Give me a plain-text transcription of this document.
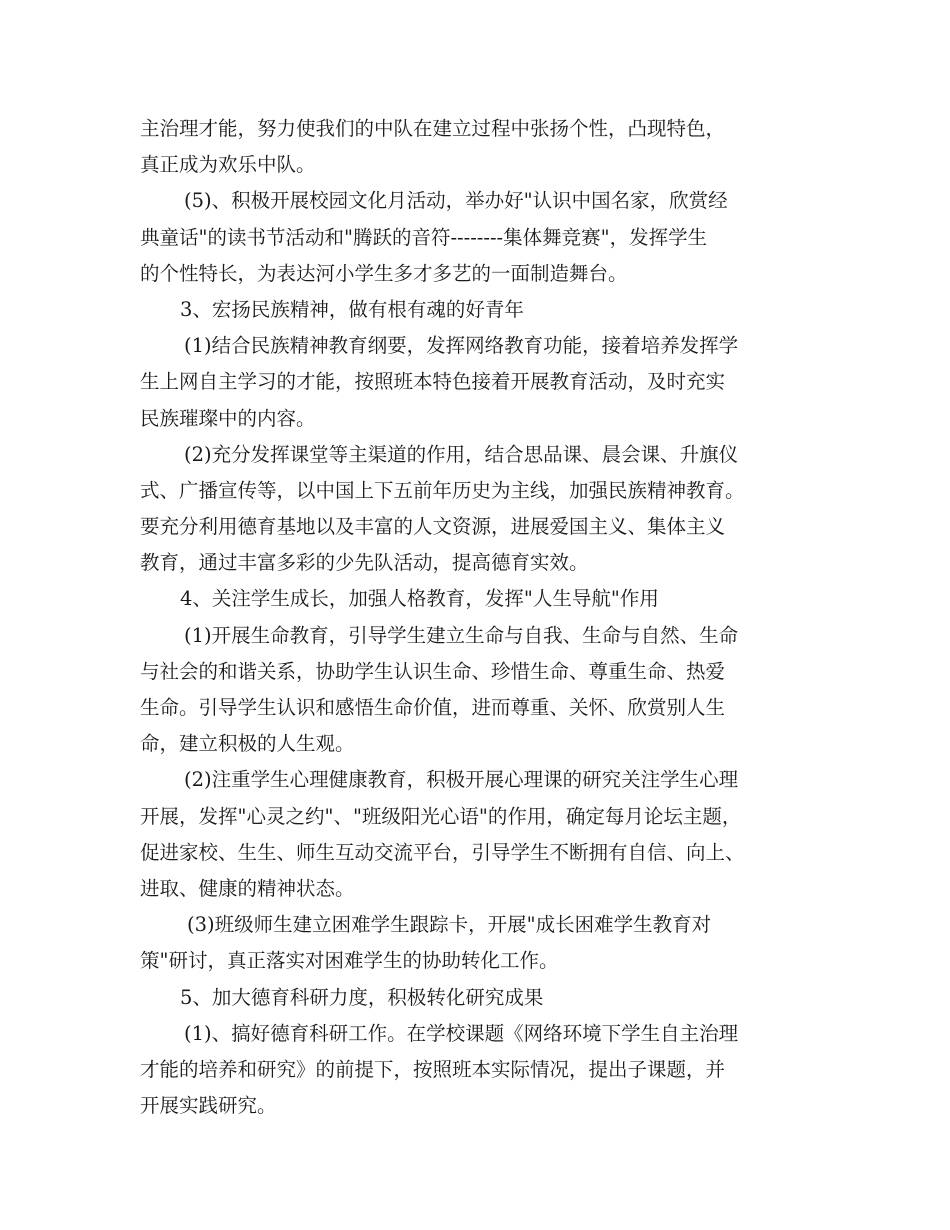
主治理才能，努力使我们的中队在建立过程中张扬个性，凸现特色，
真正成为欢乐中队。
(5)、积极开展校园文化月活动，举办好"认识中国名家，欣赏经
典童话"的读书节活动和"腾跃的音符--------集体舞竞赛"，发挥学生
的个性特长，为表达河小学生多才多艺的一面制造舞台。
3、宏扬民族精神，做有根有魂的好青年
(1)结合民族精神教育纲要，发挥网络教育功能，接着培养发挥学
生上网自主学习的才能，按照班本特色接着开展教育活动，及时充实
民族璀璨中的内容。
(2)充分发挥课堂等主渠道的作用，结合思品课、晨会课、升旗仪
式、广播宣传等，以中国上下五前年历史为主线，加强民族精神教育。
要充分利用德育基地以及丰富的人文资源，进展爱国主义、集体主义
教育，通过丰富多彩的少先队活动，提高德育实效。
4、关注学生成长，加强人格教育，发挥"人生导航"作用
(1)开展生命教育，引导学生建立生命与自我、生命与自然、生命
与社会的和谐关系，协助学生认识生命、珍惜生命、尊重生命、热爱
生命。引导学生认识和感悟生命价值，进而尊重、关怀、欣赏别人生
命，建立积极的人生观。
(2)注重学生心理健康教育，积极开展心理课的研究关注学生心理
开展，发挥"心灵之约"、"班级阳光心语"的作用，确定每月论坛主题，
促进家校、生生、师生互动交流平台，引导学生不断拥有自信、向上、
进取、健康的精神状态。
(3)班级师生建立困难学生跟踪卡，开展"成长困难学生教育对
策"研讨，真正落实对困难学生的协助转化工作。
5、加大德育科研力度，积极转化研究成果
(1)、搞好德育科研工作。在学校课题《网络环境下学生自主治理
才能的培养和研究》的前提下，按照班本实际情况，提出子课题，并
开展实践研究。
